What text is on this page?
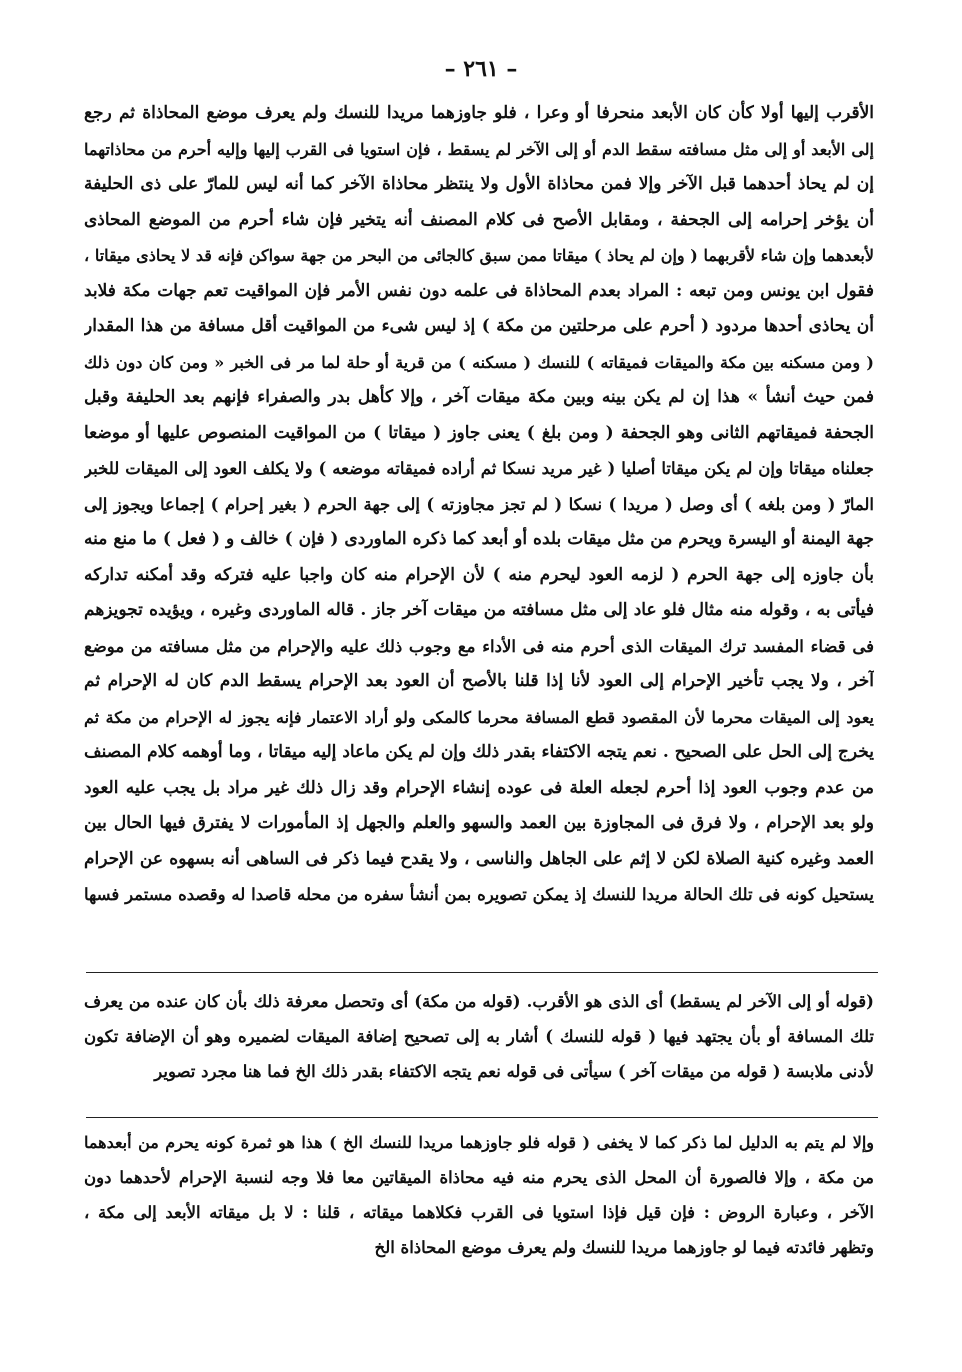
– ٢٦١ –
الأقرب إليها أولا كأن كان الأبعد منحرفا أو وعرا ، فلو جاوزهما مريدا للنسك ولم يعرف موضع المحاذاة ثم رجع
إلى الأبعد أو إلى مثل مسافته سقط الدم أو إلى الآخر لم يسقط ، فإن استويا فى القرب إليها وإليه أحرم من محاذاتهما
إن لم يحاذ أحدهما قبل الآخر وإلا فمن محاذاة الأول ولا ينتظر محاذاة الآخر كما أنه ليس للمارّ على ذى الحليفة
أن يؤخر إحرامه إلى الجحفة ، ومقابل الأصح فى كلام المصنف أنه يتخير فإن شاء أحرم من الموضع المحاذى
لأبعدهما وإن شاء لأقربهما ( وإن لم يحاذ ) ميقاتا ممن سبق كالجائى من البحر من جهة سواكن فإنه قد لا يحاذى ميقاتا ،
فقول ابن يونس ومن تبعه : المراد بعدم المحاذاة فى علمه دون نفس الأمر فإن المواقيت تعم جهات مكة فلابد
أن يحاذى أحدها مردود ( أحرم على مرحلتين من مكة ) إذ ليس شىء من المواقيت أقل مسافة من هذا المقدار
( ومن مسكنه بين مكة والميقات فميقاته ) للنسك ( مسكنه ) من قرية أو حلة لما مر فى الخبر « ومن كان دون ذلك
فمن حيث أنشأ » هذا إن لم يكن بينه وبين مكة ميقات آخر ، وإلا كأهل بدر والصفراء فإنهم بعد الحليفة وقبل
الجحفة فميقاتهم الثانى وهو الجحفة ( ومن بلغ ) يعنى جاوز ( ميقاتا ) من المواقيت المنصوص عليها أو موضعا
جعلناه ميقاتا وإن لم يكن ميقاتا أصليا ( غير مريد نسكا ثم أراده فميقاته موضعه ) ولا يكلف العود إلى الميقات للخبر
المارّ ( ومن بلغه ) أى وصل ( مريدا ) نسكا ( لم تجز مجاوزته ) إلى جهة الحرم ( بغير إحرام ) إجماعا ويجوز إلى
جهة اليمنة أو اليسرة ويحرم من مثل ميقات بلده أو أبعد كما ذكره الماوردى ( فإن ) خالف و ( فعل ) ما منع منه
بأن جاوزه إلى جهة الحرم ( لزمه العود ليحرم منه ) لأن الإحرام منه كان واجبا عليه فتركه وقد أمكنه تداركه
فيأتى به ، وقوله منه مثال فلو عاد إلى مثل مسافته من ميقات آخر جاز . قاله الماوردى وغيره ، ويؤيده تجويزهم
فى قضاء المفسد ترك الميقات الذى أحرم منه فى الأداء مع وجوب ذلك عليه والإحرام من مثل مسافته من موضع
آخر ، ولا يجب تأخير الإحرام إلى العود لأنا إذا قلنا بالأصح أن العود بعد الإحرام يسقط الدم كان له الإحرام ثم
يعود إلى الميقات محرما لأن المقصود قطع المسافة محرما كالمكى ولو أراد الاعتمار فإنه يجوز له الإحرام من مكة ثم
يخرج إلى الحل على الصحيح . نعم يتجه الاكتفاء بقدر ذلك وإن لم يكن ماعاد إليه ميقاتا ، وما أوهمه كلام المصنف
من عدم وجوب العود إذا أحرم لجعله العلة فى عوده إنشاء الإحرام وقد زال ذلك غير مراد بل يجب عليه العود
ولو بعد الإحرام ، ولا فرق فى المجاوزة بين العمد والسهو والعلم والجهل إذ المأمورات لا يفترق فيها الحال بين
العمد وغيره كنية الصلاة لكن لا إثم على الجاهل والناسى ، ولا يقدح فيما ذكر فى الساهى أنه بسهوه عن الإحرام
يستحيل كونه فى تلك الحالة مريدا للنسك إذ يمكن تصويره بمن أنشأ سفره من محله قاصدا له وقصده مستمر فسها
(قوله أو إلى الآخر لم يسقط) أى الذى هو الأقرب. (قوله من مكة) أى وتحصل معرفة ذلك بأن كان عنده من يعرف
تلك المسافة أو بأن يجتهد فيها ( قوله للنسك ) أشار به إلى تصحيح إضافة الميقات لضميره وهو أن الإضافة تكون
لأدنى ملابسة ( قوله من ميقات آخر ) سيأتى فى قوله نعم يتجه الاكتفاء بقدر ذلك الخ فما هنا مجرد تصوير
وإلا لم يتم به الدليل لما ذكر كما لا يخفى ( قوله فلو جاوزهما مريدا للنسك الخ ) هذا هو ثمرة كونه يحرم من أبعدهما
من مكة ، وإلا فالصورة أن المحل الذى يحرم منه فيه محاذاة الميقاتين معا فلا وجه لنسبة الإحرام لأحدهما دون
الآخر ، وعبارة الروض : فإن قيل فإذا استويا فى القرب فكلاهما ميقاته ، قلنا : لا بل ميقاته الأبعد إلى مكة ،
وتظهر فائدته فيما لو جاوزهما مريدا للنسك ولم يعرف موضع المحاذاة الخ
